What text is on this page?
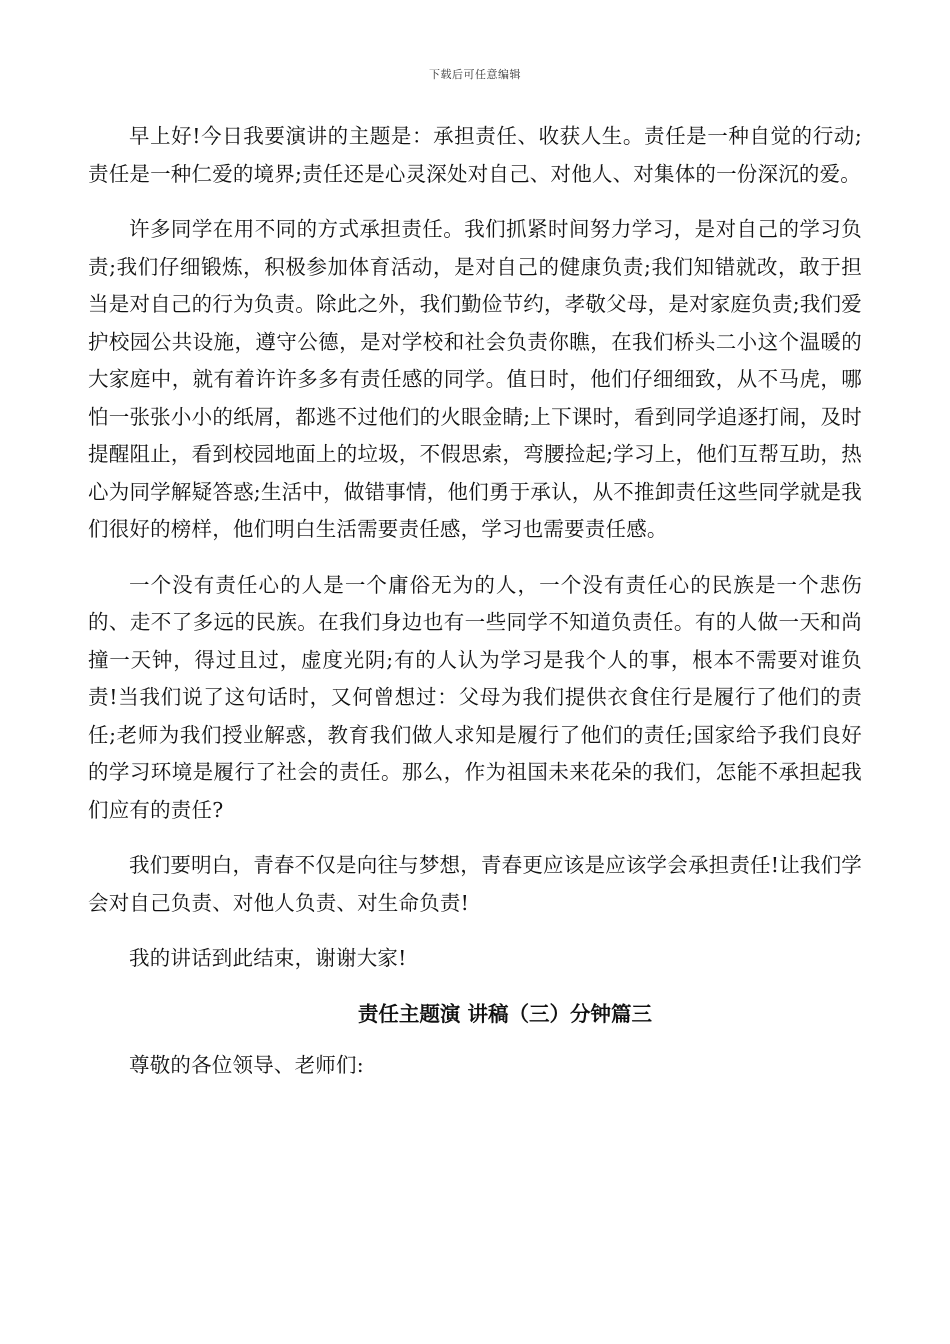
下载后可任意编辑

早上好!今日我要演讲的主题是：承担责任、收获人生。责任是一种自觉的行动;责任是一种仁爱的境界;责任还是心灵深处对自己、对他人、对集体的一份深沉的爱。

许多同学在用不同的方式承担责任。我们抓紧时间努力学习，是对自己的学习负责;我们仔细锻炼，积极参加体育活动，是对自己的健康负责;我们知错就改，敢于担当是对自己的行为负责。除此之外，我们勤俭节约，孝敬父母，是对家庭负责;我们爱护校园公共设施，遵守公德，是对学校和社会负责你瞧，在我们桥头二小这个温暖的大家庭中，就有着许许多多有责任感的同学。值日时，他们仔细细致，从不马虎，哪怕一张张小小的纸屑，都逃不过他们的火眼金睛;上下课时，看到同学追逐打闹，及时提醒阻止，看到校园地面上的垃圾，不假思索，弯腰捡起;学习上，他们互帮互助，热心为同学解疑答惑;生活中，做错事情，他们勇于承认，从不推卸责任这些同学就是我们很好的榜样，他们明白生活需要责任感，学习也需要责任感。

一个没有责任心的人是一个庸俗无为的人，一个没有责任心的民族是一个悲伤的、走不了多远的民族。在我们身边也有一些同学不知道负责任。有的人做一天和尚撞一天钟，得过且过，虚度光阴;有的人认为学习是我个人的事，根本不需要对谁负责!当我们说了这句话时，又何曾想过：父母为我们提供衣食住行是履行了他们的责任;老师为我们授业解惑，教育我们做人求知是履行了他们的责任;国家给予我们良好的学习环境是履行了社会的责任。那么，作为祖国未来花朵的我们，怎能不承担起我们应有的责任?

我们要明白，青春不仅是向往与梦想，青春更应该是应该学会承担责任!让我们学会对自己负责、对他人负责、对生命负责!

我的讲话到此结束，谢谢大家!

责任主题演 讲稿（三）分钟篇三

尊敬的各位领导、老师们:
